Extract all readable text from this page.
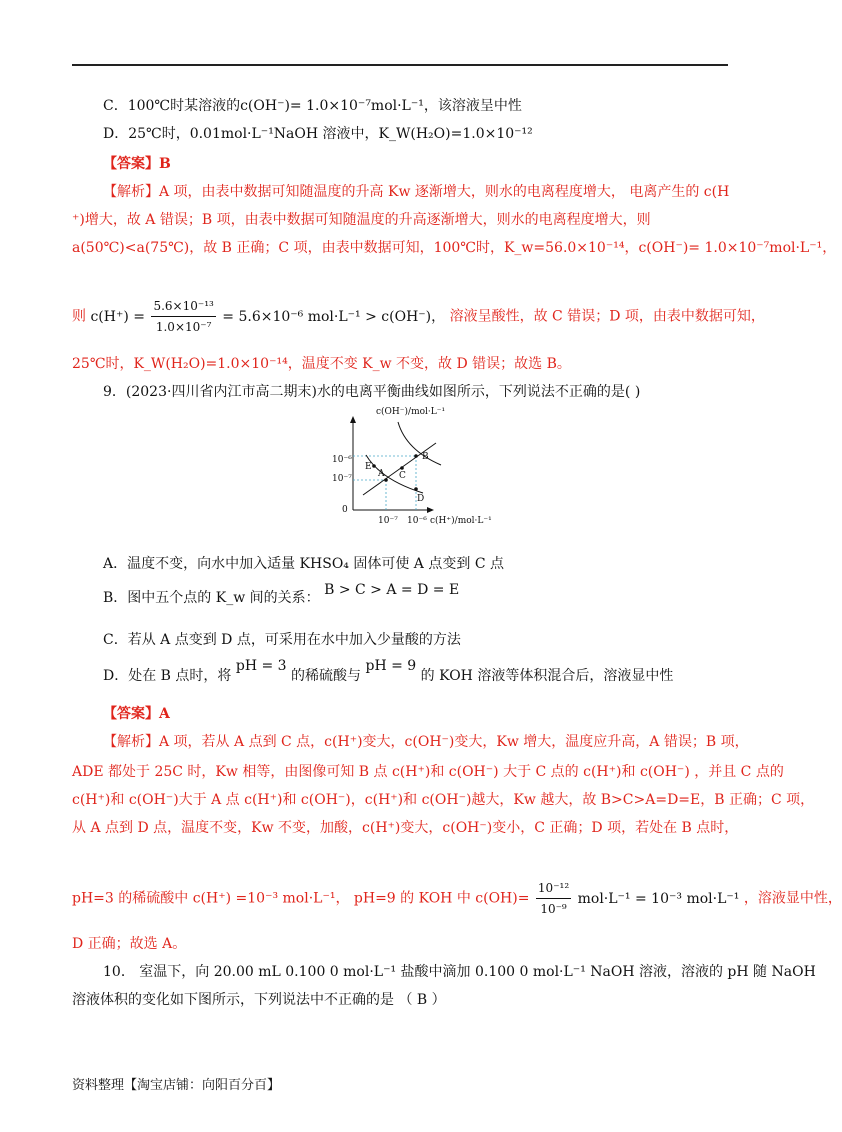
C．100℃时某溶液的c(OH⁻)= 1.0×10⁻⁷mol·L⁻¹，该溶液呈中性
D．25℃时，0.01mol·L⁻¹NaOH 溶液中，K_W(H₂O)=1.0×10⁻¹²
【答案】B
【解析】A 项，由表中数据可知随温度的升高 Kw 逐渐增大，则水的电离程度增大， 电离产生的 c(H
⁺)增大，故 A 错误；B 项，由表中数据可知随温度的升高逐渐增大，则水的电离程度增大，则
a(50℃)<a(75℃)，故 B 正确；C 项，由表中数据可知，100℃时，K_w=56.0×10⁻¹⁴，c(OH⁻)= 1.0×10⁻⁷mol·L⁻¹，
则 $c(H^+) = \frac{\text{5.6×10⁻¹³}}{\text{1.0×10⁻⁷}} = 5.6\times 10^{-6}$ mol·L⁻¹ > c(OH⁻)， 溶液呈酸性，故 C 错误；D 项，由表中数据可知，
25℃时，K_W(H₂O)=1.0×10⁻¹⁴，温度不变 K_w 不变，故 D 错误；故选 B。
9．(2023·四川省内江市高二期末)水的电离平衡曲线如图所示，下列说法不正确的是( )
c(OH⁻)/mol·L⁻¹
c(H⁺)/mol·L⁻¹
10⁻⁶
10⁻⁷
10⁻⁷ 10⁻⁶
0
E
A C
B
D
A．温度不变，向水中加入适量 KHSO₄ 固体可使 A 点变到 C 点
B．图中五个点的 K_w 间的关系： B > C > A = D = E
C．若从 A 点变到 D 点，可采用在水中加入少量酸的方法
D．处在 B 点时，将 pH = 3 的稀硫酸与 pH = 9 的 KOH 溶液等体积混合后，溶液显中性
【答案】A
【解析】A 项，若从 A 点到 C 点，c(H⁺)变大，c(OH⁻)变大，Kw 增大，温度应升高，A 错误；B 项，
ADE 都处于 25C 时，Kw 相等，由图像可知 B 点 c(H⁺)和 c(OH⁻) 大于 C 点的 c(H⁺)和 c(OH⁻) ，并且 C 点的
c(H⁺)和 c(OH⁻)大于 A 点 c(H⁺)和 c(OH⁻)，c(H⁺)和 c(OH⁻)越大，Kw 越大，故 B>C>A=D=E，B 正确；C 项，
从 A 点到 D 点，温度不变，Kw 不变，加酸，c(H⁺)变大，c(OH⁻)变小，C 正确；D 项，若处在 B 点时，
pH=3 的稀硫酸中 c(H⁺) =10⁻³ mol·L⁻¹， pH=9 的 KOH 中 $c(OH)= \frac{\text{10⁻¹²}}{\text{10⁻⁹}} mol\cdot L^{-1} = 10^{-3}$ mol·L⁻¹ ，溶液显中性，
D 正确；故选 A。
10． 室温下，向 20.00 mL 0.100 0 mol·L⁻¹ 盐酸中滴加 0.100 0 mol·L⁻¹ NaOH 溶液，溶液的 pH 随 NaOH
溶液体积的变化如下图所示，下列说法中不正确的是 （ B ）
资料整理【淘宝店铺：向阳百分百】
